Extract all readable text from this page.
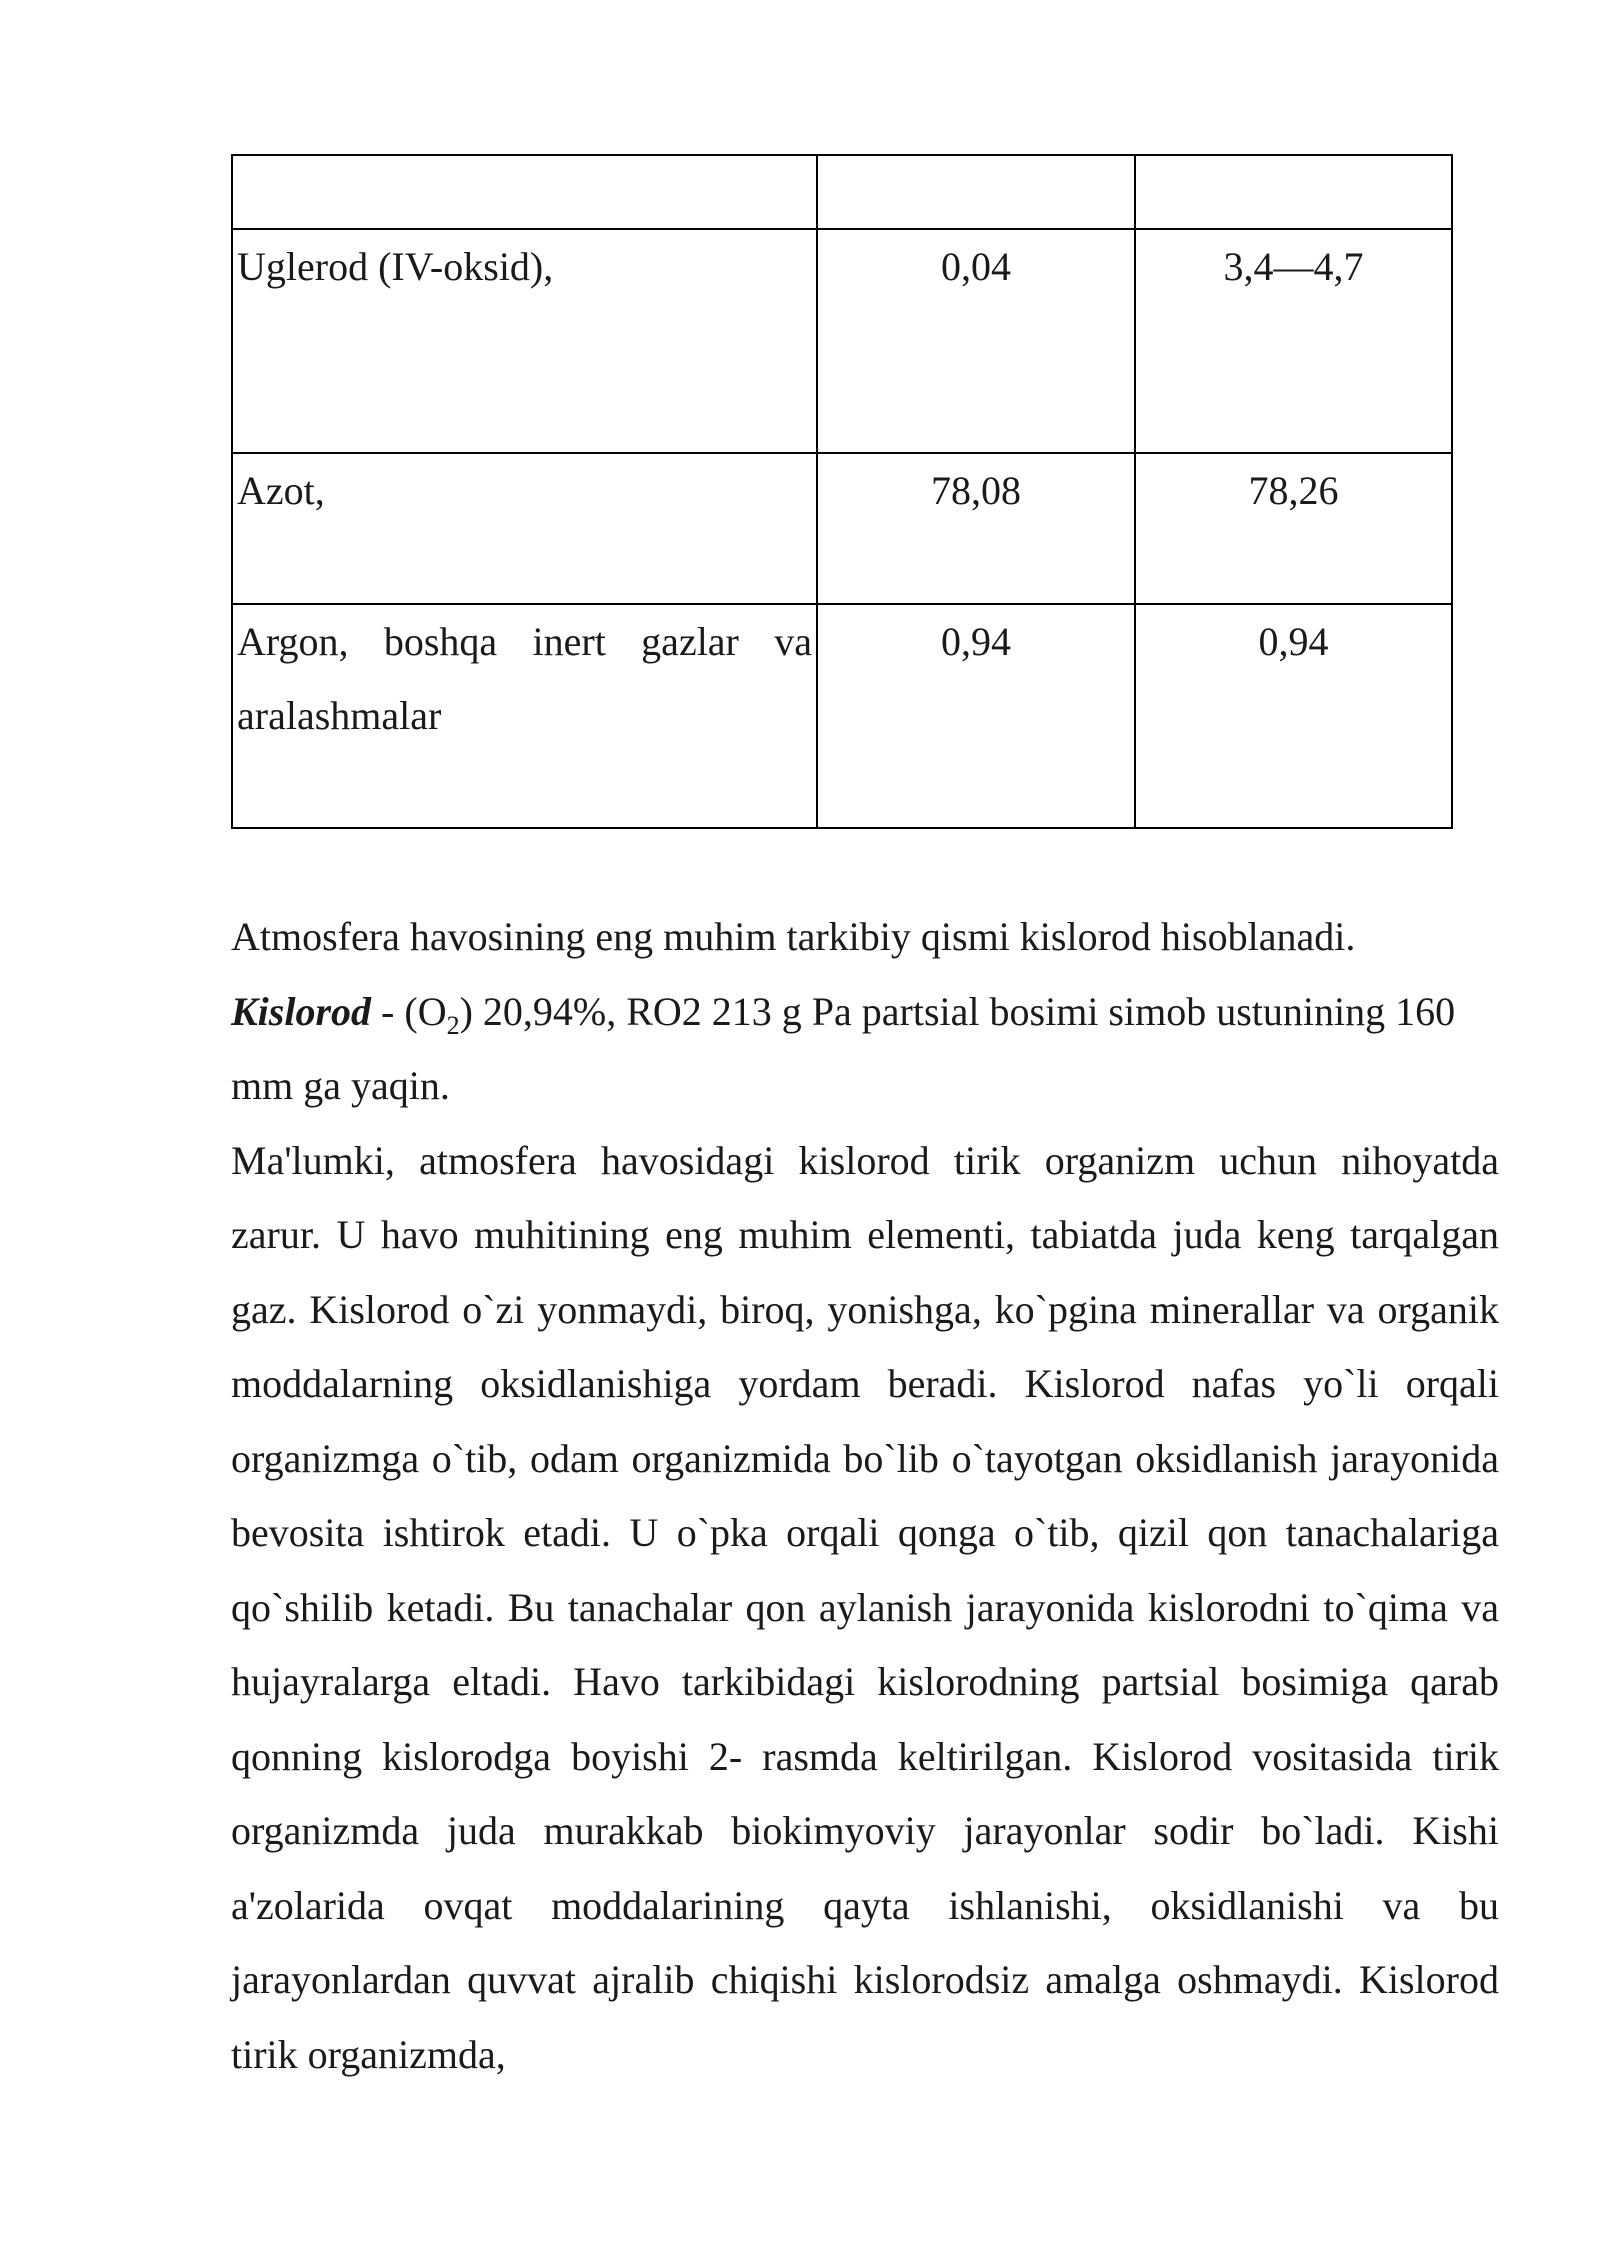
Uglerod (IV-oksid),	0,04	3,4—4,7
Azot,	78,08	78,26
Argon, boshqa inert gazlar va aralashmalar	0,94	0,94

Atmosfera havosining eng muhim tarkibiy qismi kislorod hisoblanadi.

Kislorod - $(O_2)$ 20,94%, RO2 213 g Pa partsial bosimi simob ustunining 160 mm ga yaqin.

Ma'lumki, atmosfera havosidagi kislorod tirik organizm uchun nihoyatda zarur. U havo muhitining eng muhim elementi, tabiatda juda keng tarqalgan gaz. Kislorod o`zi yonmaydi, biroq, yonishga, ko`pgina minerallar va organik moddalarning oksidlanishiga yordam beradi. Kislorod nafas yo`li orqali organizmga o`tib, odam organizmida bo`lib o`tayotgan oksidlanish jarayonida bevosita ishtirok etadi. U o`pka orqali qonga o`tib, qizil qon tanachalariga qo`shilib ketadi. Bu tanachalar qon aylanish jarayonida kislorodni to`qima va hujayralarga eltadi. Havo tarkibidagi kislorodning partsial bosimiga qarab qonning kislorodga boyishi 2- rasmda keltirilgan. Kislorod vositasida tirik organizmda juda murakkab biokimyoviy jarayonlar sodir bo`ladi. Kishi a'zolarida ovqat moddalarining qayta ishlanishi, oksidlanishi va bu jarayonlardan quvvat ajralib chiqishi kislorodsiz amalga oshmaydi. Kislorod tirik organizmda,
